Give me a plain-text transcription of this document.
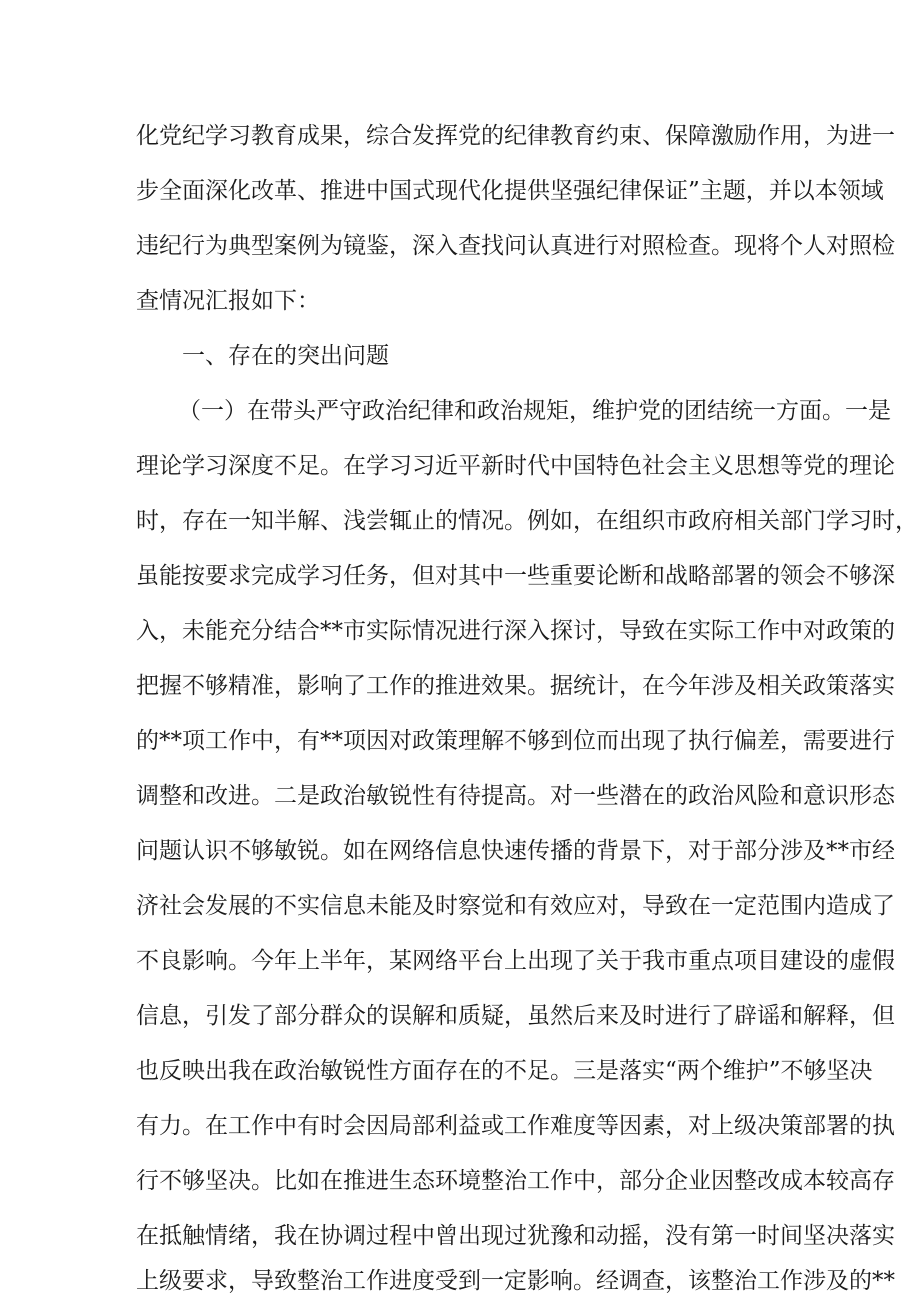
化 党 纪 学 习 教 育 成 果 ， 综 合 发 挥 党 的 纪 律 教 育 约 束 、 保 障 激 励 作 用 ， 为 进 一
步 全 面 深 化 改 革 、 推 进 中 国 式 现 代 化 提 供 坚 强 纪 律 保 证 ” 主 题 ， 并 以 本 领 域
违 纪 行 为 典 型 案 例 为 镜 鉴 ， 深 入 查 找 问 认 真 进 行 对 照 检 查 。 现 将 个 人 对 照 检
查情况汇报如下：
一、存在的突出问题
（ 一 ） 在 带 头 严 守 政 治 纪 律 和 政 治 规 矩 ， 维 护 党 的 团 结 统 一 方 面 。 一 是
理 论 学 习 深 度 不 足 。 在 学 习 习 近 平 新 时 代 中 国 特 色 社 会 主 义 思 想 等 党 的 理 论
时 ， 存 在 一 知 半 解 、 浅 尝 辄 止 的 情 况 。 例 如 ， 在 组 织 市 政 府 相 关 部 门 学 习 时 ，
虽 能 按 要 求 完 成 学 习 任 务 ， 但 对 其 中 一 些 重 要 论 断 和 战 略 部 署 的 领 会 不 够 深
入 ， 未 能 充 分 结 合 * * 市 实 际 情 况 进 行 深 入 探 讨 ， 导 致 在 实 际 工 作 中 对 政 策 的
把 握 不 够 精 准 ， 影 响 了 工 作 的 推 进 效 果 。 据 统 计 ， 在 今 年 涉 及 相 关 政 策 落 实
的 * * 项 工 作 中 ， 有 * * 项 因 对 政 策 理 解 不 够 到 位 而 出 现 了 执 行 偏 差 ， 需 要 进 行
调 整 和 改 进 。 二 是 政 治 敏 锐 性 有 待 提 高 。 对 一 些 潜 在 的 政 治 风 险 和 意 识 形 态
问 题 认 识 不 够 敏 锐 。 如 在 网 络 信 息 快 速 传 播 的 背 景 下 ， 对 于 部 分 涉 及 * * 市 经
济 社 会 发 展 的 不 实 信 息 未 能 及 时 察 觉 和 有 效 应 对 ， 导 致 在 一 定 范 围 内 造 成 了
不 良 影 响 。 今 年 上 半 年 ， 某 网 络 平 台 上 出 现 了 关 于 我 市 重 点 项 目 建 设 的 虚 假
信 息 ， 引 发 了 部 分 群 众 的 误 解 和 质 疑 ， 虽 然 后 来 及 时 进 行 了 辟 谣 和 解 释 ， 但
也 反 映 出 我 在 政 治 敏 锐 性 方 面 存 在 的 不 足 。 三 是 落 实 “ 两 个 维 护 ” 不 够 坚 决
有 力 。 在 工 作 中 有 时 会 因 局 部 利 益 或 工 作 难 度 等 因 素 ， 对 上 级 决 策 部 署 的 执
行 不 够 坚 决 。 比 如 在 推 进 生 态 环 境 整 治 工 作 中 ， 部 分 企 业 因 整 改 成 本 较 高 存
在 抵 触 情 绪 ， 我 在 协 调 过 程 中 曾 出 现 过 犹 豫 和 动 摇 ， 没 有 第 一 时 间 坚 决 落 实
上 级 要 求 ， 导 致 整 治 工 作 进 度 受 到 一 定 影 响 。 经 调 查 ， 该 整 治 工 作 涉 及 的 * *
